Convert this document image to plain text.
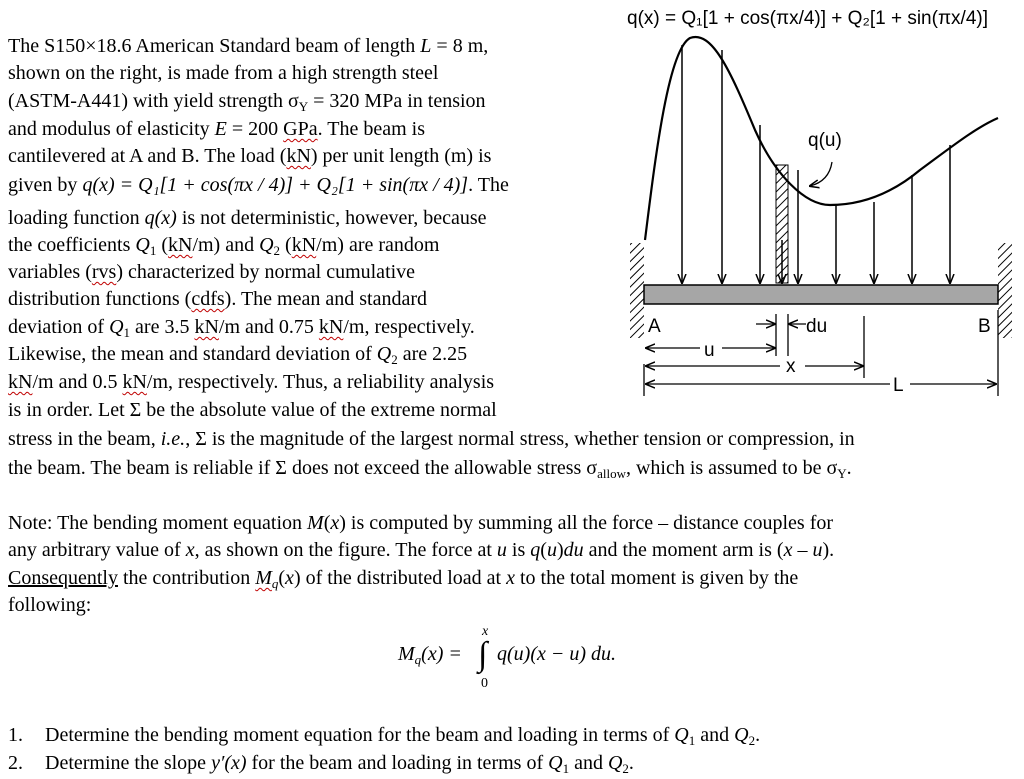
q(x) = Q₁[1 + cos(πx/4)] + Q₂[1 + sin(πx/4)]
q(u)
A	B
du
u
x
L
The S150×18.6 American Standard beam of length L = 8 m,
shown on the right, is made from a high strength steel
(ASTM-A441) with yield strength $\sigma_Y = 320$ MPa in tension
and modulus of elasticity E = 200 GPa. The beam is
cantilevered at A and B. The load (kN) per unit length (m) is
given by q(x) = Q₁[1 + cos(πx / 4)] + Q₂[1 + sin(πx / 4)]. The
loading function q(x) is not deterministic, however, because
the coefficients $Q_1$ (kN/m) and $Q_2$ (kN/m) are random
variables (rvs) characterized by normal cumulative
distribution functions (cdfs). The mean and standard
deviation of $Q_1$ are 3.5 kN/m and 0.75 kN/m, respectively.
Likewise, the mean and standard deviation of $Q_2$ are 2.25
kN/m and 0.5 kN/m, respectively. Thus, a reliability analysis
is in order. Let Σ be the absolute value of the extreme normal
stress in the beam, i.e., Σ is the magnitude of the largest normal stress, whether tension or compression, in
the beam. The beam is reliable if Σ does not exceed the allowable stress $\sigma_{allow}$, which is assumed to be $\sigma_Y$.
Note: The bending moment equation M(x) is computed by summing all the force – distance couples for
any arbitrary value of x, as shown on the figure. The force at u is q(u)du and the moment arm is (x – u).
Consequently the contribution $M_q(x)$ of the distributed load at x to the total moment is given by the
following:
$M_q(x)$ =
x
∫
0
q(u)(x − u) du.
1. Determine the bending moment equation for the beam and loading in terms of $Q_1$ and $Q_2$.
2. Determine the slope y′(x) for the beam and loading in terms of $Q_1$ and $Q_2$.
